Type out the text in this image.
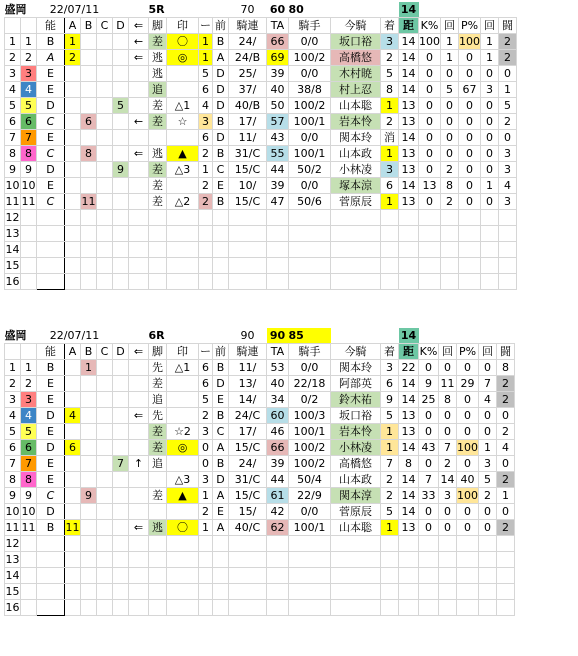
盛岡		22/07/11						5R				70	60	80			14					
		能	A	B	C	D	⇐	脚	印	ー	前	騎連	TA	騎手	今騎	着	距	K%	回	P%	回	闘
1	1	B	1				←	差	〇	1	B	24/	66	0/0	坂口裕	3	14	100	1	100	1	2
2	2	A	2				⇐	逃	◎	1	A	24/B	69	100/2	高橋悠	2	14	0	1	0	1	2
3	3	E						逃		5	D	25/	39	0/0	木村暁	5	14	0	0	0	0	0
4	4	E						追		6	D	37/	40	38/8	村上忍	8	14	0	5	67	3	1
5	5	D				5		差	△1	4	D	40/B	50	100/2	山本聡	1	13	0	0	0	0	5
6	6	C		6			←	差	☆	3	B	17/	57	100/1	岩本怜	2	13	0	0	0	0	2
7	7	E								6	D	11/	43	0/0	関本玲	消	14	0	0	0	0	0
8	8	C		8			⇐	逃	▲	2	B	31/C	55	100/1	山本政	1	13	0	0	0	0	3
9	9	D				9		差	△3	1	C	15/C	44	50/2	小林凌	3	13	0	2	0	0	3
10	10	E						差		2	E	10/	39	0/0	塚本涼	6	14	13	8	0	1	4
11	11	C		11				差	△2	2	B	15/C	47	50/6	菅原辰	1	13	0	2	0	0	3
12																						
13																						
14																						
15																						
16																						
盛岡		22/07/11						6R				90	90	85			14					
		能	A	B	C	D	⇐	脚	印	ー	前	騎連	TA	騎手	今騎	着	距	K%	回	P%	回	闘
1	1	B		1				先	△1	6	B	11/	53	0/0	関本玲	3	22	0	0	0	0	8
2	2	E						差		6	D	13/	40	22/18	阿部英	6	14	9	11	29	7	2
3	3	E						追		5	E	14/	34	0/2	鈴木祐	9	14	25	8	0	4	2
4	4	D	4				⇐	先		2	B	24/C	60	100/3	坂口裕	5	13	0	0	0	0	0
5	5	E						差	☆2	3	C	17/	46	100/1	岩本怜	1	13	0	0	0	0	2
6	6	D	6					差	◎	0	A	15/C	66	100/2	小林凌	1	14	43	7	100	1	4
7	7	E				7	↑	追		0	B	24/	39	100/2	高橋悠	7	8	0	2	0	3	0
8	8	E							△3	3	D	31/C	44	50/4	山本政	2	14	7	14	40	5	2
9	9	C		9				差	▲	1	A	15/C	61	22/9	関本淳	2	14	33	3	100	2	1
10	10	D								2	E	15/	42	0/0	菅原辰	5	14	0	0	0	0	0
11	11	B	11				⇐	逃	〇	1	A	40/C	62	100/1	山本聡	1	13	0	0	0	0	2
12																						
13																						
14																						
15																						
16																						
